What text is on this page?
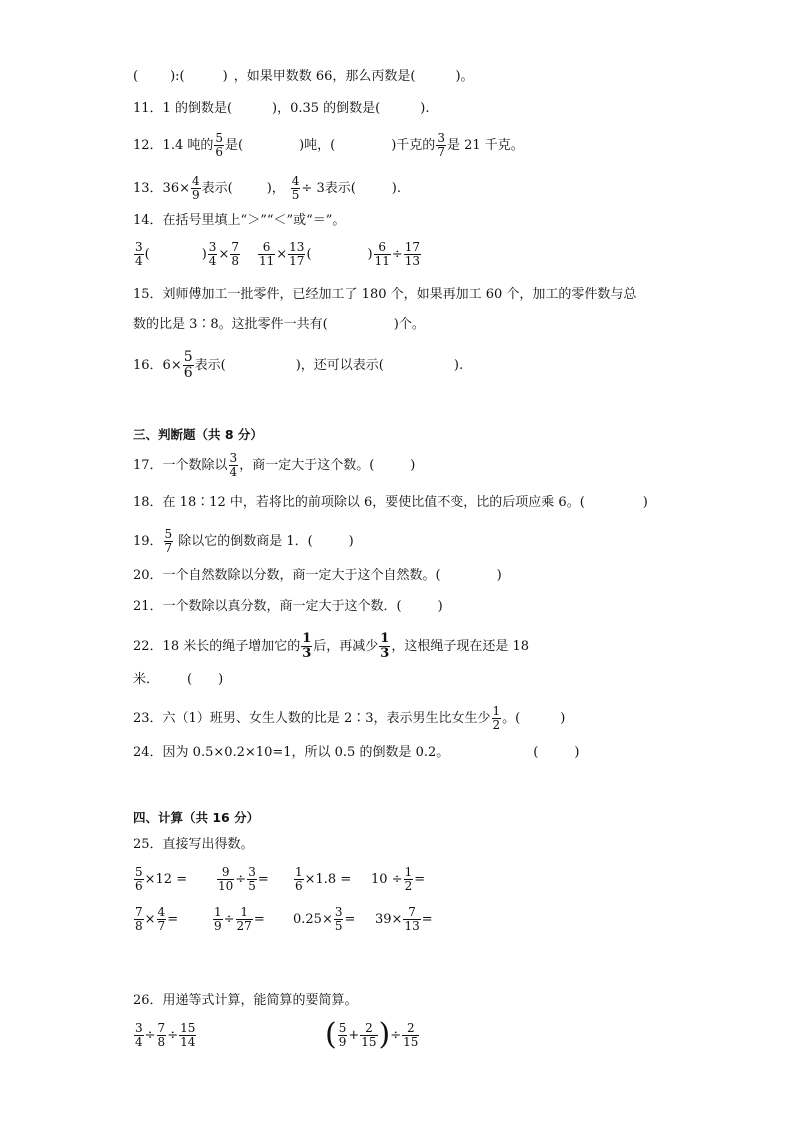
( ):(	) ，如果甲数数 66，那么丙数是(	)。
11．1 的倒数是(	)，0.35 的倒数是(	).
12．1.4 吨的 $\frac{5}{6}$ 是(	)吨，(	)千克的 $\frac{3}{7}$ 是 21 千克。
13．$36\times \frac{4}{9}$ 表示(	)， $\frac{4}{5} \div 3$表示(	).
14．在括号里填上“＞”“＜”或“＝”。
$\frac{3}{4}$ (	) $\frac{3}{4} \times \frac{7}{8} \frac{6}{11} \times \frac{13}{17}$ (	) $\frac{6}{11} \div \frac{17}{13}$
15．刘师傅加工一批零件，已经加工了 180 个，如果再加工 60 个，加工的零件数与总
数的比是 3∶8。这批零件一共有(	)个。
16．$6\times \frac{5}{6}$ 表示(	)，还可以表示(	).
三、判断题（共 8 分）
17．一个数除以 $\frac{3}{4}$ ，商一定大于这个数。(	)
18．在 18∶12 中，若将比的前项除以 6，要使比值不变，比的后项应乘 6。(	)
19． $\frac{5}{7}$ 除以它的倒数商是 1．(	)
20．一个自然数除以分数，商一定大于这个自然数。(	)
21．一个数除以真分数，商一定大于这个数．(	)
22．18 米长的绳子增加它的 $\frac{1}{3}$ 后，再减少 $\frac{1}{3}$ ，这根绳子现在还是 18
米． ( )
23．六（1）班男、女生人数的比是 2∶3，表示男生比女生少 $\frac{1}{2}$ 。(	)
24．因为 0.5×0.2×10=1，所以 0.5 的倒数是 0.2。	(	)
四、计算（共 16 分）
25．直接写出得数。
$\frac{5}{6} \times 12 = \frac{9}{10} \div \frac{3}{5} = \frac{1}{6} \times 1.8 = 10 \div \frac{1}{2}$ =
$\frac{7}{8} \times \frac{4}{7}$ =	$\frac{1}{9} \div \frac{1}{27} = 0.25\times \frac{3}{5} = 39\times \frac{7}{13}$ =
26．用递等式计算，能简算的要简算。
$\frac{3}{4} \div \frac{7}{8} \div \frac{15}{14}$	( $\frac{5}{9} + \frac{2}{15}$ ) ÷ $\frac{2}{15}$
